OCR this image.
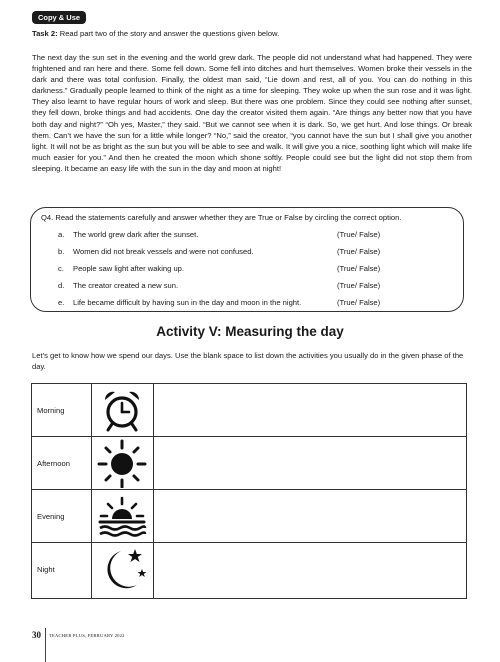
Copy & Use

Task 2: Read part two of the story and answer the questions given below.

The next day the sun set in the evening and the world grew dark. The people did not understand what had happened. They were frightened and ran here and there. Some fell down. Some fell into ditches and hurt themselves. Women broke their vessels in the dark and there was total confusion. Finally, the oldest man said, “Lie down and rest, all of you. You can do nothing in this darkness.” Gradually people learned to think of the night as a time for sleeping. They woke up when the sun rose and it was light. They also learnt to have regular hours of work and sleep. But there was one problem. Since they could see nothing after sunset, they fell down, broke things and had accidents. One day the creator visited them again. “Are things any better now that you have both day and night?” “Oh yes, Master,” they said. “But we cannot see when it is dark. So, we get hurt. And lose things. Or break them. Can’t we have the sun for a little while longer? “No,” said the creator, “you cannot have the sun but I shall give you another light. It will not be as bright as the sun but you will be able to see and walk. It will give you a nice, soothing light which will make life much easier for you.” And then he created the moon which shone softly. People could see but the light did not stop them from sleeping. It became an easy life with the sun in the day and moon at night!

Q4. Read the statements carefully and answer whether they are True or False by circling the correct option.

a. The world grew dark after the sunset.	(True/ False)
b. Women did not break vessels and were not confused.	(True/ False)
c. People saw light after waking up.	(True/ False)
d. The creator created a new sun.	(True/ False)
e. Life became difficult by having sun in the day and moon in the night.	(True/ False)
Activity V: Measuring the day

Let’s get to know how we spend our days. Use the blank space to list down the activities you usually do in the given phase of the day.

Morning
Afternoon
Evening
Night
30 TEACHER PLUS, FEBRUARY 2022
